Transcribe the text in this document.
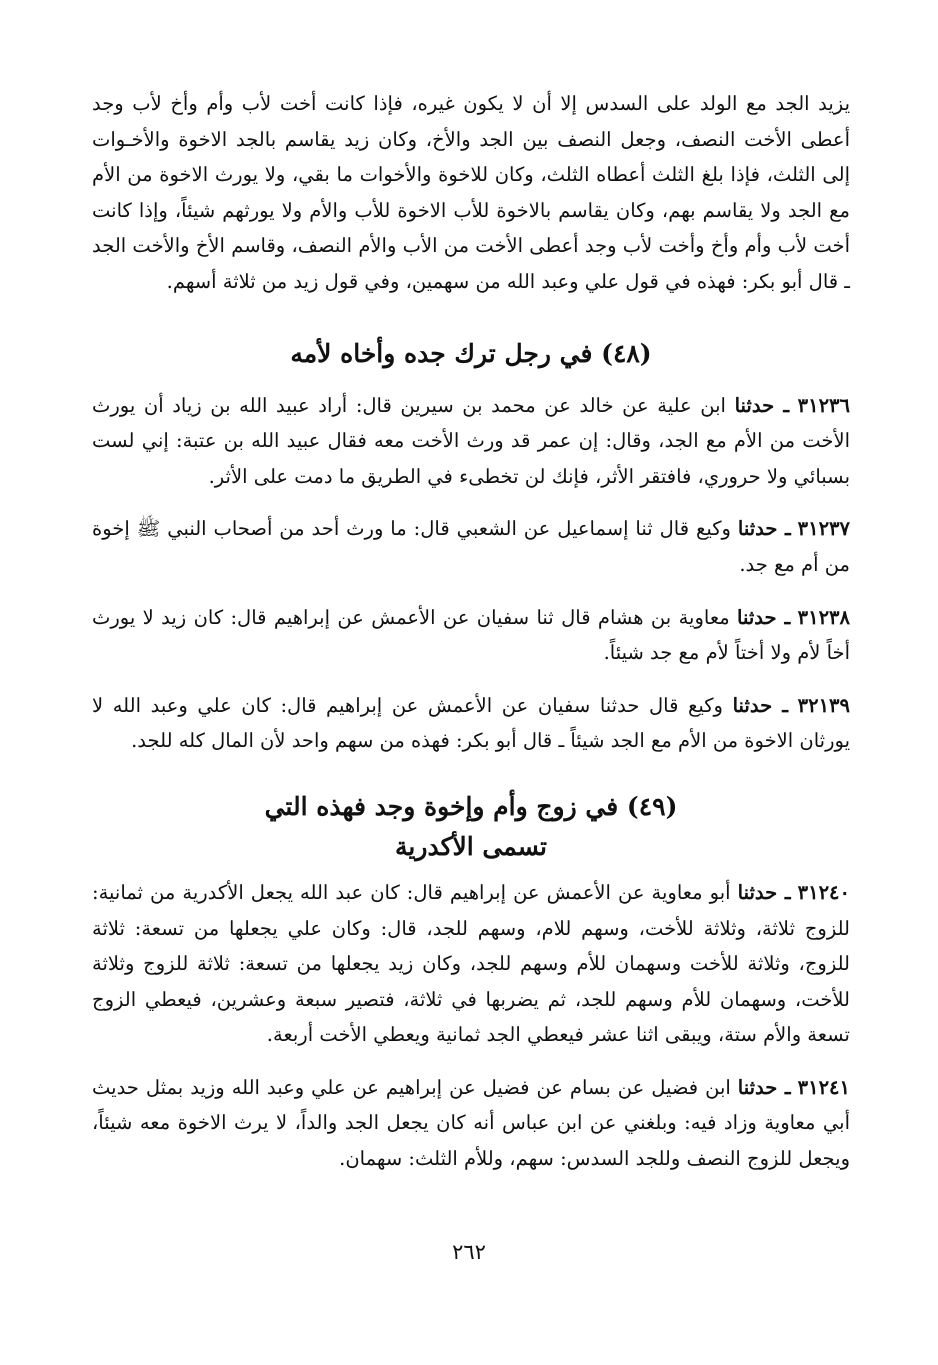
يزيد الجد مع الولد على السدس إلا أن لا يكون غيره، فإذا كانت أخت لأب وأم وأخ لأب وجد أعطى الأخت النصف، وجعل النصف بين الجد والأخ، وكان زيد يقاسم بالجد الاخوة والأخـوات إلى الثلث، فإذا بلغ الثلث أعطاه الثلث، وكان للاخوة والأخوات ما بقي، ولا يورث الاخوة من الأم مع الجد ولا يقاسم بهم، وكان يقاسم بالاخوة للأب الاخوة للأب والأم ولا يورثهم شيئاً، وإذا كانت أخت لأب وأم وأخ وأخت لأب وجد أعطى الأخت من الأب والأم النصف، وقاسم الأخ والأخت الجد ـ قال أبو بكر: فهذه في قول علي وعبد الله من سهمين، وفي قول زيد من ثلاثة أسهم.

(٤٨) في رجل ترك جده وأخاه لأمه

٣١٢٣٦ ـ حدثنا ابن علية عن خالد عن محمد بن سيرين قال: أراد عبيد الله بن زياد أن يورث الأخت من الأم مع الجد، وقال: إن عمر قد ورث الأخت معه فقال عبيد الله بن عتبة: إني لست بسبائي ولا حروري، فافتقر الأثر، فإنك لن تخطىء في الطريق ما دمت على الأثر.

٣١٢٣٧ ـ حدثنا وكيع قال ثنا إسماعيل عن الشعبي قال: ما ورث أحد من أصحاب النبي ﷺ إخوة من أم مع جد.

٣١٢٣٨ ـ حدثنا معاوية بن هشام قال ثنا سفيان عن الأعمش عن إبراهيم قال: كان زيد لا يورث أخاً لأم ولا أختاً لأم مع جد شيئاً.

٣٢١٣٩ ـ حدثنا وكيع قال حدثنا سفيان عن الأعمش عن إبراهيم قال: كان علي وعبد الله لا يورثان الاخوة من الأم مع الجد شيئاً ـ قال أبو بكر: فهذه من سهم واحد لأن المال كله للجد.

(٤٩) في زوج وأم وإخوة وجد فهذه التي
تسمى الأكدرية

٣١٢٤٠ ـ حدثنا أبو معاوية عن الأعمش عن إبراهيم قال: كان عبد الله يجعل الأكدرية من ثمانية: للزوج ثلاثة، وثلاثة للأخت، وسهم للام، وسهم للجد، قال: وكان علي يجعلها من تسعة: ثلاثة للزوج، وثلاثة للأخت وسهمان للأم وسهم للجد، وكان زيد يجعلها من تسعة: ثلاثة للزوج وثلاثة للأخت، وسهمان للأم وسهم للجد، ثم يضربها في ثلاثة، فتصير سبعة وعشرين، فيعطي الزوج تسعة والأم ستة، ويبقى اثنا عشر فيعطي الجد ثمانية ويعطي الأخت أربعة.

٣١٢٤١ ـ حدثنا ابن فضيل عن بسام عن فضيل عن إبراهيم عن علي وعبد الله وزيد بمثل حديث أبي معاوية وزاد فيه: وبلغني عن ابن عباس أنه كان يجعل الجد والداً، لا يرث الاخوة معه شيئاً، ويجعل للزوج النصف وللجد السدس: سهم، وللأم الثلث: سهمان.

٢٦٢
